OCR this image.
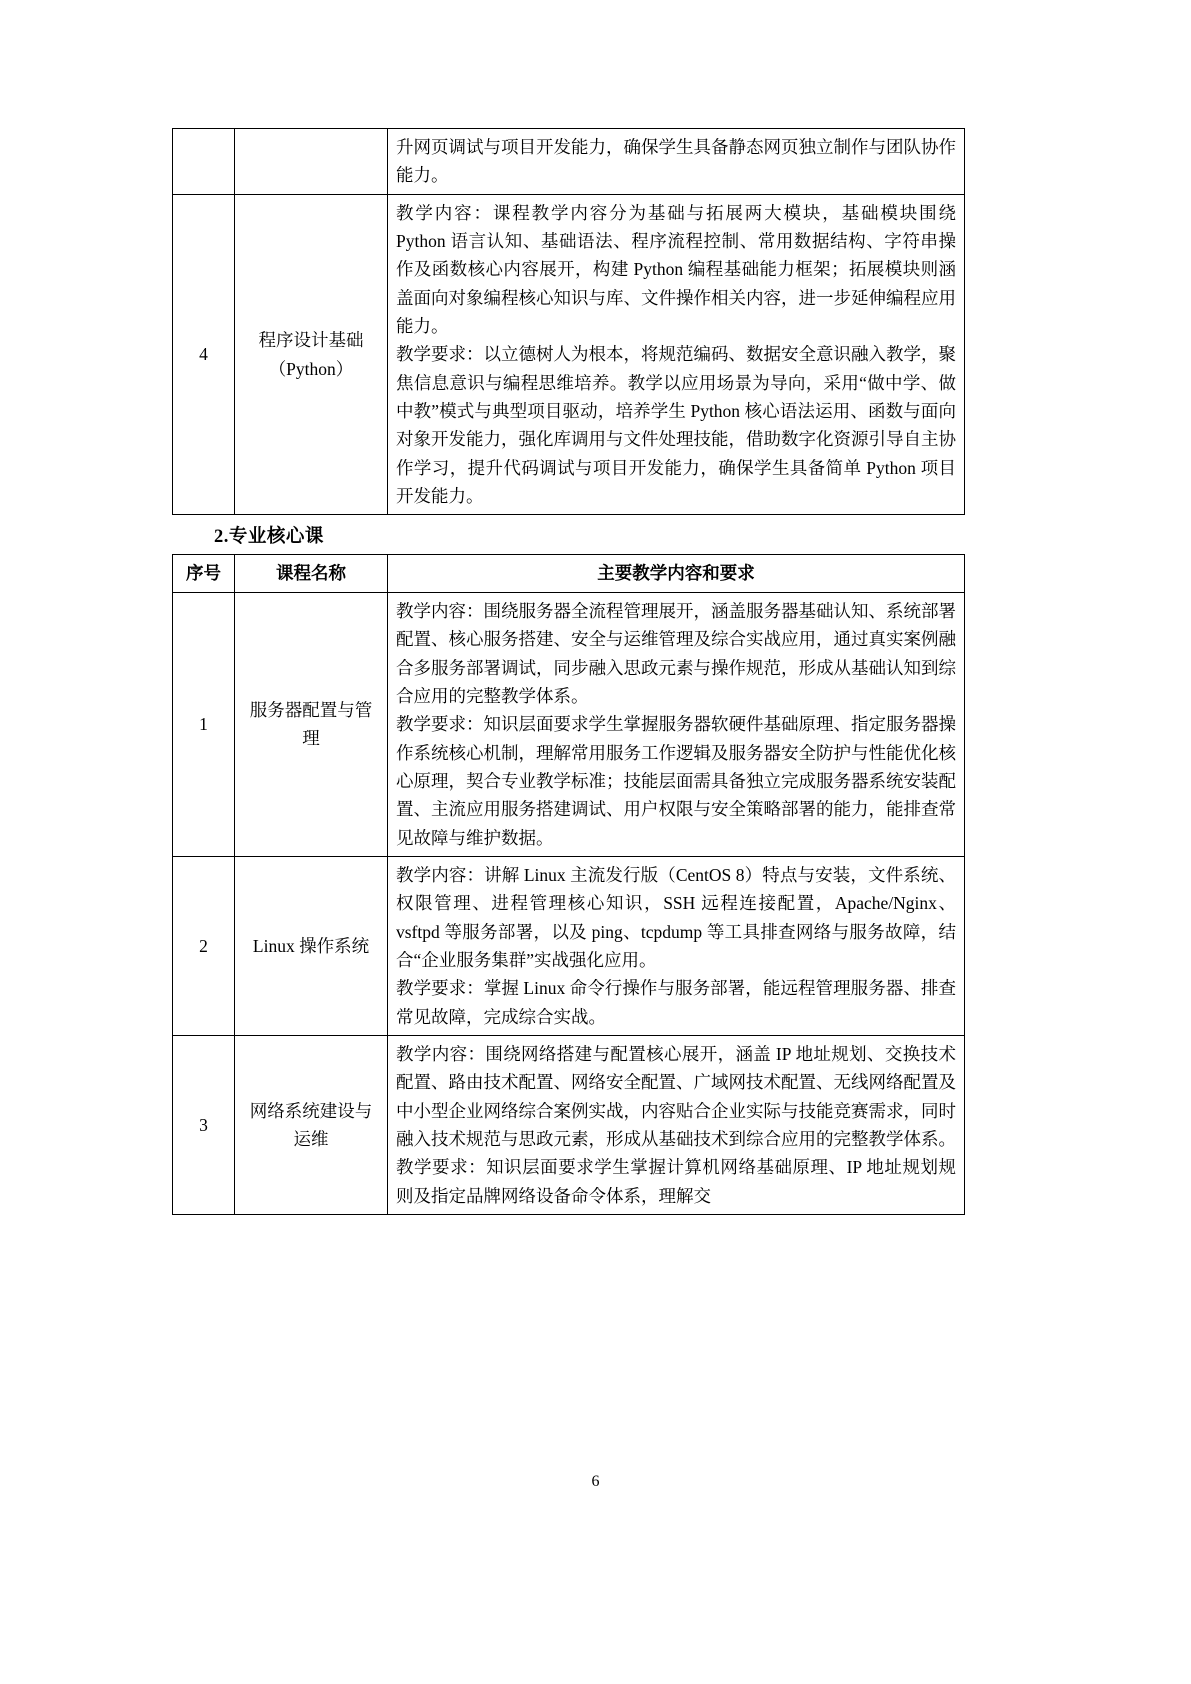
		升网页调试与项目开发能力，确保学生具备静态网页独立制作与团队协作能力。

4	程序设计基础（Python）	教学内容：课程教学内容分为基础与拓展两大模块，基础模块围绕 Python 语言认知、基础语法、程序流程控制、常用数据结构、字符串操作及函数核心内容展开，构建 Python 编程基础能力框架；拓展模块则涵盖面向对象编程核心知识与库、文件操作相关内容，进一步延伸编程应用能力。

教学要求：以立德树人为根本，将规范编码、数据安全意识融入教学，聚焦信息意识与编程思维培养。教学以应用场景为导向，采用“做中学、做中教”模式与典型项目驱动，培养学生 Python 核心语法运用、函数与面向对象开发能力，强化库调用与文件处理技能，借助数字化资源引导自主协作学习，提升代码调试与项目开发能力，确保学生具备简单 Python 项目开发能力。

2.专业核心课
序号	课程名称	主要教学内容和要求
1	服务器配置与管理	教学内容：围绕服务器全流程管理展开，涵盖服务器基础认知、系统部署配置、核心服务搭建、安全与运维管理及综合实战应用，通过真实案例融合多服务部署调试，同步融入思政元素与操作规范，形成从基础认知到综合应用的完整教学体系。

教学要求：知识层面要求学生掌握服务器软硬件基础原理、指定服务器操作系统核心机制，理解常用服务工作逻辑及服务器安全防护与性能优化核心原理，契合专业教学标准；技能层面需具备独立完成服务器系统安装配置、主流应用服务搭建调试、用户权限与安全策略部署的能力，能排查常见故障与维护数据。

2	Linux 操作系统	教学内容：讲解 Linux 主流发行版（CentOS 8）特点与安装，文件系统、权限管理、进程管理核心知识，SSH 远程连接配置，Apache/Nginx、vsftpd 等服务部署，以及 ping、tcpdump 等工具排查网络与服务故障，结合“企业服务集群”实战强化应用。

教学要求：掌握 Linux 命令行操作与服务部署，能远程管理服务器、排查常见故障，完成综合实战。

3	网络系统建设与运维	教学内容：围绕网络搭建与配置核心展开，涵盖 IP 地址规划、交换技术配置、路由技术配置、网络安全配置、广域网技术配置、无线网络配置及中小型企业网络综合案例实战，内容贴合企业实际与技能竞赛需求，同时融入技术规范与思政元素，形成从基础技术到综合应用的完整教学体系。

教学要求：知识层面要求学生掌握计算机网络基础原理、IP 地址规划规则及指定品牌网络设备命令体系，理解交

6
